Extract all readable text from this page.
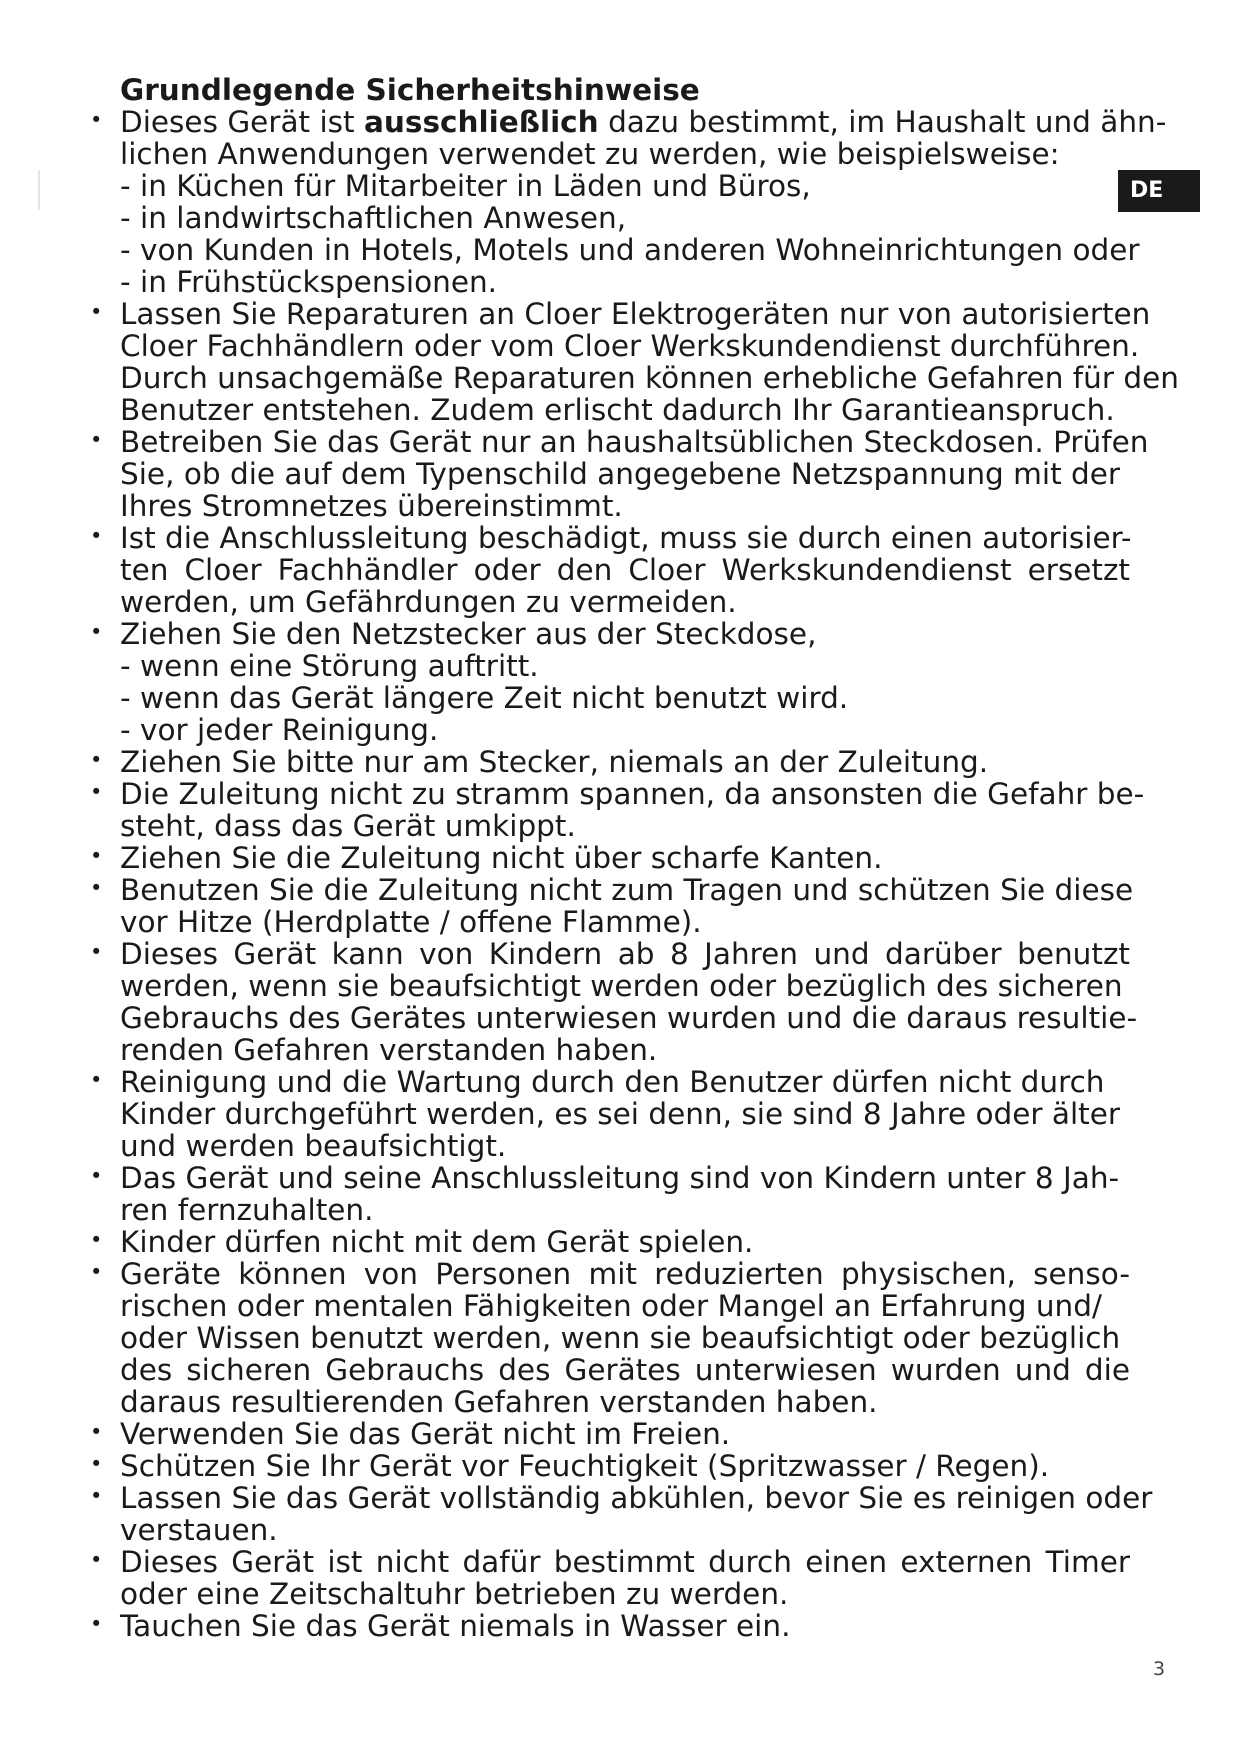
DE
Grundlegende Sicherheitshinweise
• Dieses Gerät ist ausschließlich dazu bestimmt, im Haushalt und ähn-
lichen Anwendungen verwendet zu werden, wie beispielsweise:
- in Küchen für Mitarbeiter in Läden und Büros,
- in landwirtschaftlichen Anwesen,
- von Kunden in Hotels, Motels und anderen Wohneinrichtungen oder
- in Frühstückspensionen.
• Lassen Sie Reparaturen an Cloer Elektrogeräten nur von autorisierten
Cloer Fachhändlern oder vom Cloer Werkskundendienst durchführen.
Durch unsachgemäße Reparaturen können erhebliche Gefahren für den
Benutzer entstehen. Zudem erlischt dadurch Ihr Garantieanspruch.
• Betreiben Sie das Gerät nur an haushaltsüblichen Steckdosen. Prüfen
Sie, ob die auf dem Typenschild angegebene Netzspannung mit der
Ihres Stromnetzes übereinstimmt.
• Ist die Anschlussleitung beschädigt, muss sie durch einen autorisier-
ten Cloer Fachhändler oder den Cloer Werkskundendienst ersetzt
werden, um Gefährdungen zu vermeiden.
• Ziehen Sie den Netzstecker aus der Steckdose,
- wenn eine Störung auftritt.
- wenn das Gerät längere Zeit nicht benutzt wird.
- vor jeder Reinigung.
• Ziehen Sie bitte nur am Stecker, niemals an der Zuleitung.
• Die Zuleitung nicht zu stramm spannen, da ansonsten die Gefahr be-
steht, dass das Gerät umkippt.
• Ziehen Sie die Zuleitung nicht über scharfe Kanten.
• Benutzen Sie die Zuleitung nicht zum Tragen und schützen Sie diese
vor Hitze (Herdplatte / offene Flamme).
• Dieses Gerät kann von Kindern ab 8 Jahren und darüber benutzt
werden, wenn sie beaufsichtigt werden oder bezüglich des sicheren
Gebrauchs des Gerätes unterwiesen wurden und die daraus resultie-
renden Gefahren verstanden haben.
• Reinigung und die Wartung durch den Benutzer dürfen nicht durch
Kinder durchgeführt werden, es sei denn, sie sind 8 Jahre oder älter
und werden beaufsichtigt.
• Das Gerät und seine Anschlussleitung sind von Kindern unter 8 Jah-
ren fernzuhalten.
• Kinder dürfen nicht mit dem Gerät spielen.
• Geräte können von Personen mit reduzierten physischen, senso-
rischen oder mentalen Fähigkeiten oder Mangel an Erfahrung und/
oder Wissen benutzt werden, wenn sie beaufsichtigt oder bezüglich
des sicheren Gebrauchs des Gerätes unterwiesen wurden und die
daraus resultierenden Gefahren verstanden haben.
• Verwenden Sie das Gerät nicht im Freien.
• Schützen Sie Ihr Gerät vor Feuchtigkeit (Spritzwasser / Regen).
• Lassen Sie das Gerät vollständig abkühlen, bevor Sie es reinigen oder
verstauen.
• Dieses Gerät ist nicht dafür bestimmt durch einen externen Timer
oder eine Zeitschaltuhr betrieben zu werden.
• Tauchen Sie das Gerät niemals in Wasser ein.
3
